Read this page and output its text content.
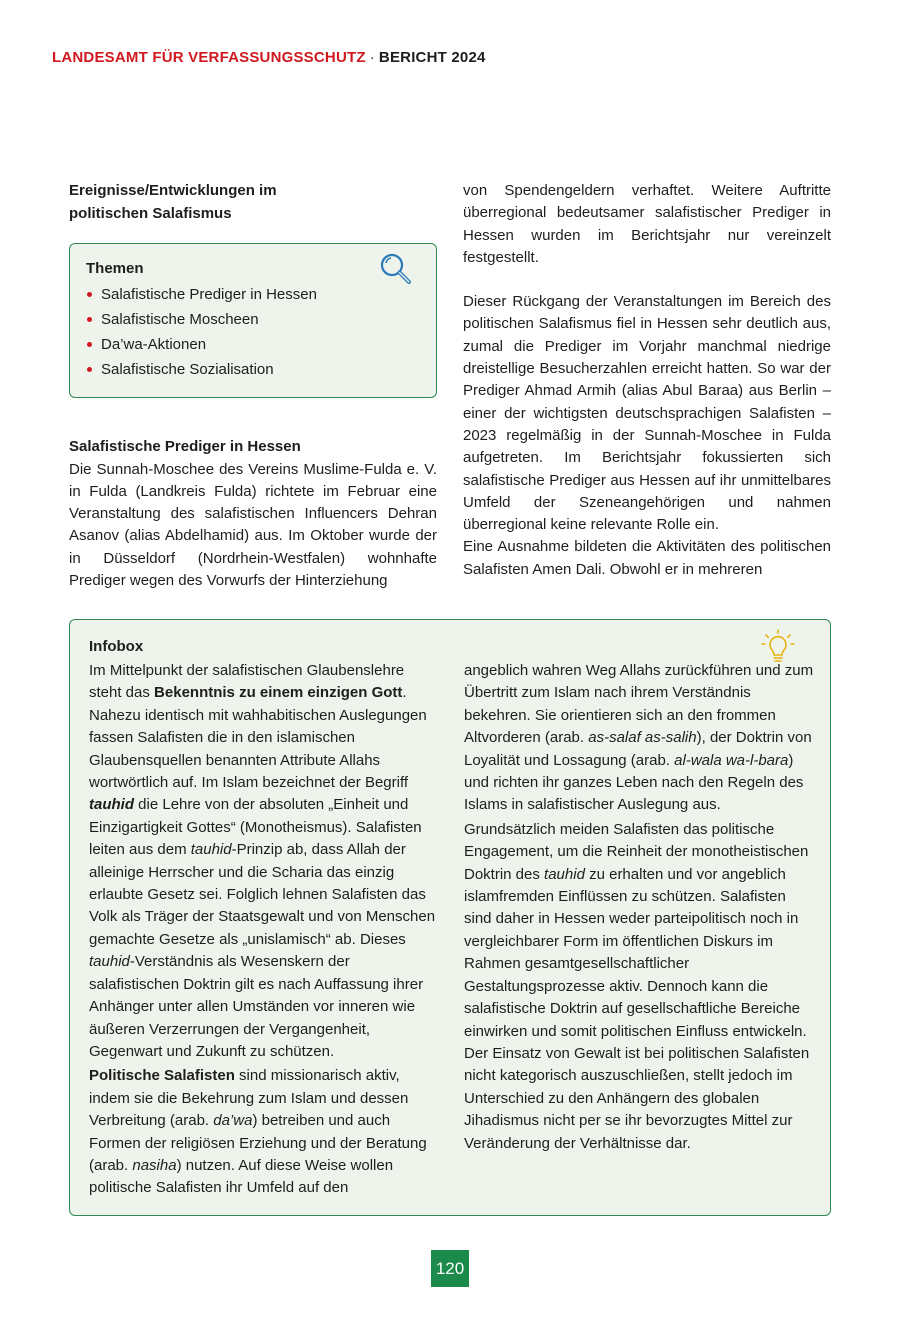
LANDESAMT FÜR VERFASSUNGSSCHUTZ · BERICHT 2024

Ereignisse/Entwicklungen im
politischen Salafismus

Themen

Salafistische Prediger in Hessen
Salafistische Moscheen
Da’wa-Aktionen
Salafistische Sozialisation

Salafistische Prediger in Hessen

Die Sunnah-Moschee des Vereins Muslime-Fulda e. V. in Fulda (Landkreis Fulda) richtete im Februar eine Veranstaltung des salafistischen Influencers Dehran Asanov (alias Abdelhamid) aus. Im Oktober wurde der in Düsseldorf (Nordrhein-Westfalen) wohnhafte Prediger wegen des Vorwurfs der Hinterziehung

von Spendengeldern verhaftet. Weitere Auftritte überregional bedeutsamer salafistischer Prediger in Hessen wurden im Berichtsjahr nur vereinzelt festgestellt.

Dieser Rückgang der Veranstaltungen im Bereich des politischen Salafismus fiel in Hessen sehr deutlich aus, zumal die Prediger im Vorjahr manchmal niedrige dreistellige Besucherzahlen erreicht hatten. So war der Prediger Ahmad Armih (alias Abul Baraa) aus Berlin – einer der wichtigsten deutschsprachigen Salafisten – 2023 regelmäßig in der Sunnah-Moschee in Fulda aufgetreten. Im Berichtsjahr fokussierten sich salafistische Prediger aus Hessen auf ihr unmittelbares Umfeld der Szeneangehörigen und nahmen überregional keine relevante Rolle ein.

Eine Ausnahme bildeten die Aktivitäten des politischen Salafisten Amen Dali. Obwohl er in mehreren

Infobox

Im Mittelpunkt der salafistischen Glaubenslehre steht das Bekenntnis zu einem einzigen Gott. Nahezu identisch mit wahhabitischen Auslegungen fassen Salafisten die in den islamischen Glaubensquellen benannten Attribute Allahs wortwörtlich auf. Im Islam bezeichnet der Begriff tauhid die Lehre von der absoluten „Einheit und Einzigartigkeit Gottes“ (Monotheismus). Salafisten leiten aus dem tauhid-Prinzip ab, dass Allah der alleinige Herrscher und die Scharia das einzig erlaubte Gesetz sei. Folglich lehnen Salafisten das Volk als Träger der Staatsgewalt und von Menschen gemachte Gesetze als „unislamisch“ ab. Dieses tauhid-Verständnis als Wesenskern der salafistischen Doktrin gilt es nach Auffassung ihrer Anhänger unter allen Umständen vor inneren wie äußeren Verzerrungen der Vergangenheit, Gegenwart und Zukunft zu schützen.

Politische Salafisten sind missionarisch aktiv, indem sie die Bekehrung zum Islam und dessen Verbreitung (arab. da’wa) betreiben und auch Formen der religiösen Erziehung und der Beratung (arab. nasiha) nutzen. Auf diese Weise wollen politische Salafisten ihr Umfeld auf den

angeblich wahren Weg Allahs zurückführen und zum Übertritt zum Islam nach ihrem Verständnis bekehren. Sie orientieren sich an den frommen Altvorderen (arab. as-salaf as-salih), der Doktrin von Loyalität und Lossagung (arab. al-wala wa-l-bara) und richten ihr ganzes Leben nach den Regeln des Islams in salafistischer Auslegung aus.

Grundsätzlich meiden Salafisten das politische Engagement, um die Reinheit der monotheistischen Doktrin des tauhid zu erhalten und vor angeblich islamfremden Einflüssen zu schützen. Salafisten sind daher in Hessen weder parteipolitisch noch in vergleichbarer Form im öffentlichen Diskurs im Rahmen gesamtgesellschaftlicher Gestaltungsprozesse aktiv. Dennoch kann die salafistische Doktrin auf gesellschaftliche Bereiche einwirken und somit politischen Einfluss entwickeln. Der Einsatz von Gewalt ist bei politischen Salafisten nicht kategorisch auszuschließen, stellt jedoch im Unterschied zu den Anhängern des globalen Jihadismus nicht per se ihr bevorzugtes Mittel zur Veränderung der Verhältnisse dar.

120
